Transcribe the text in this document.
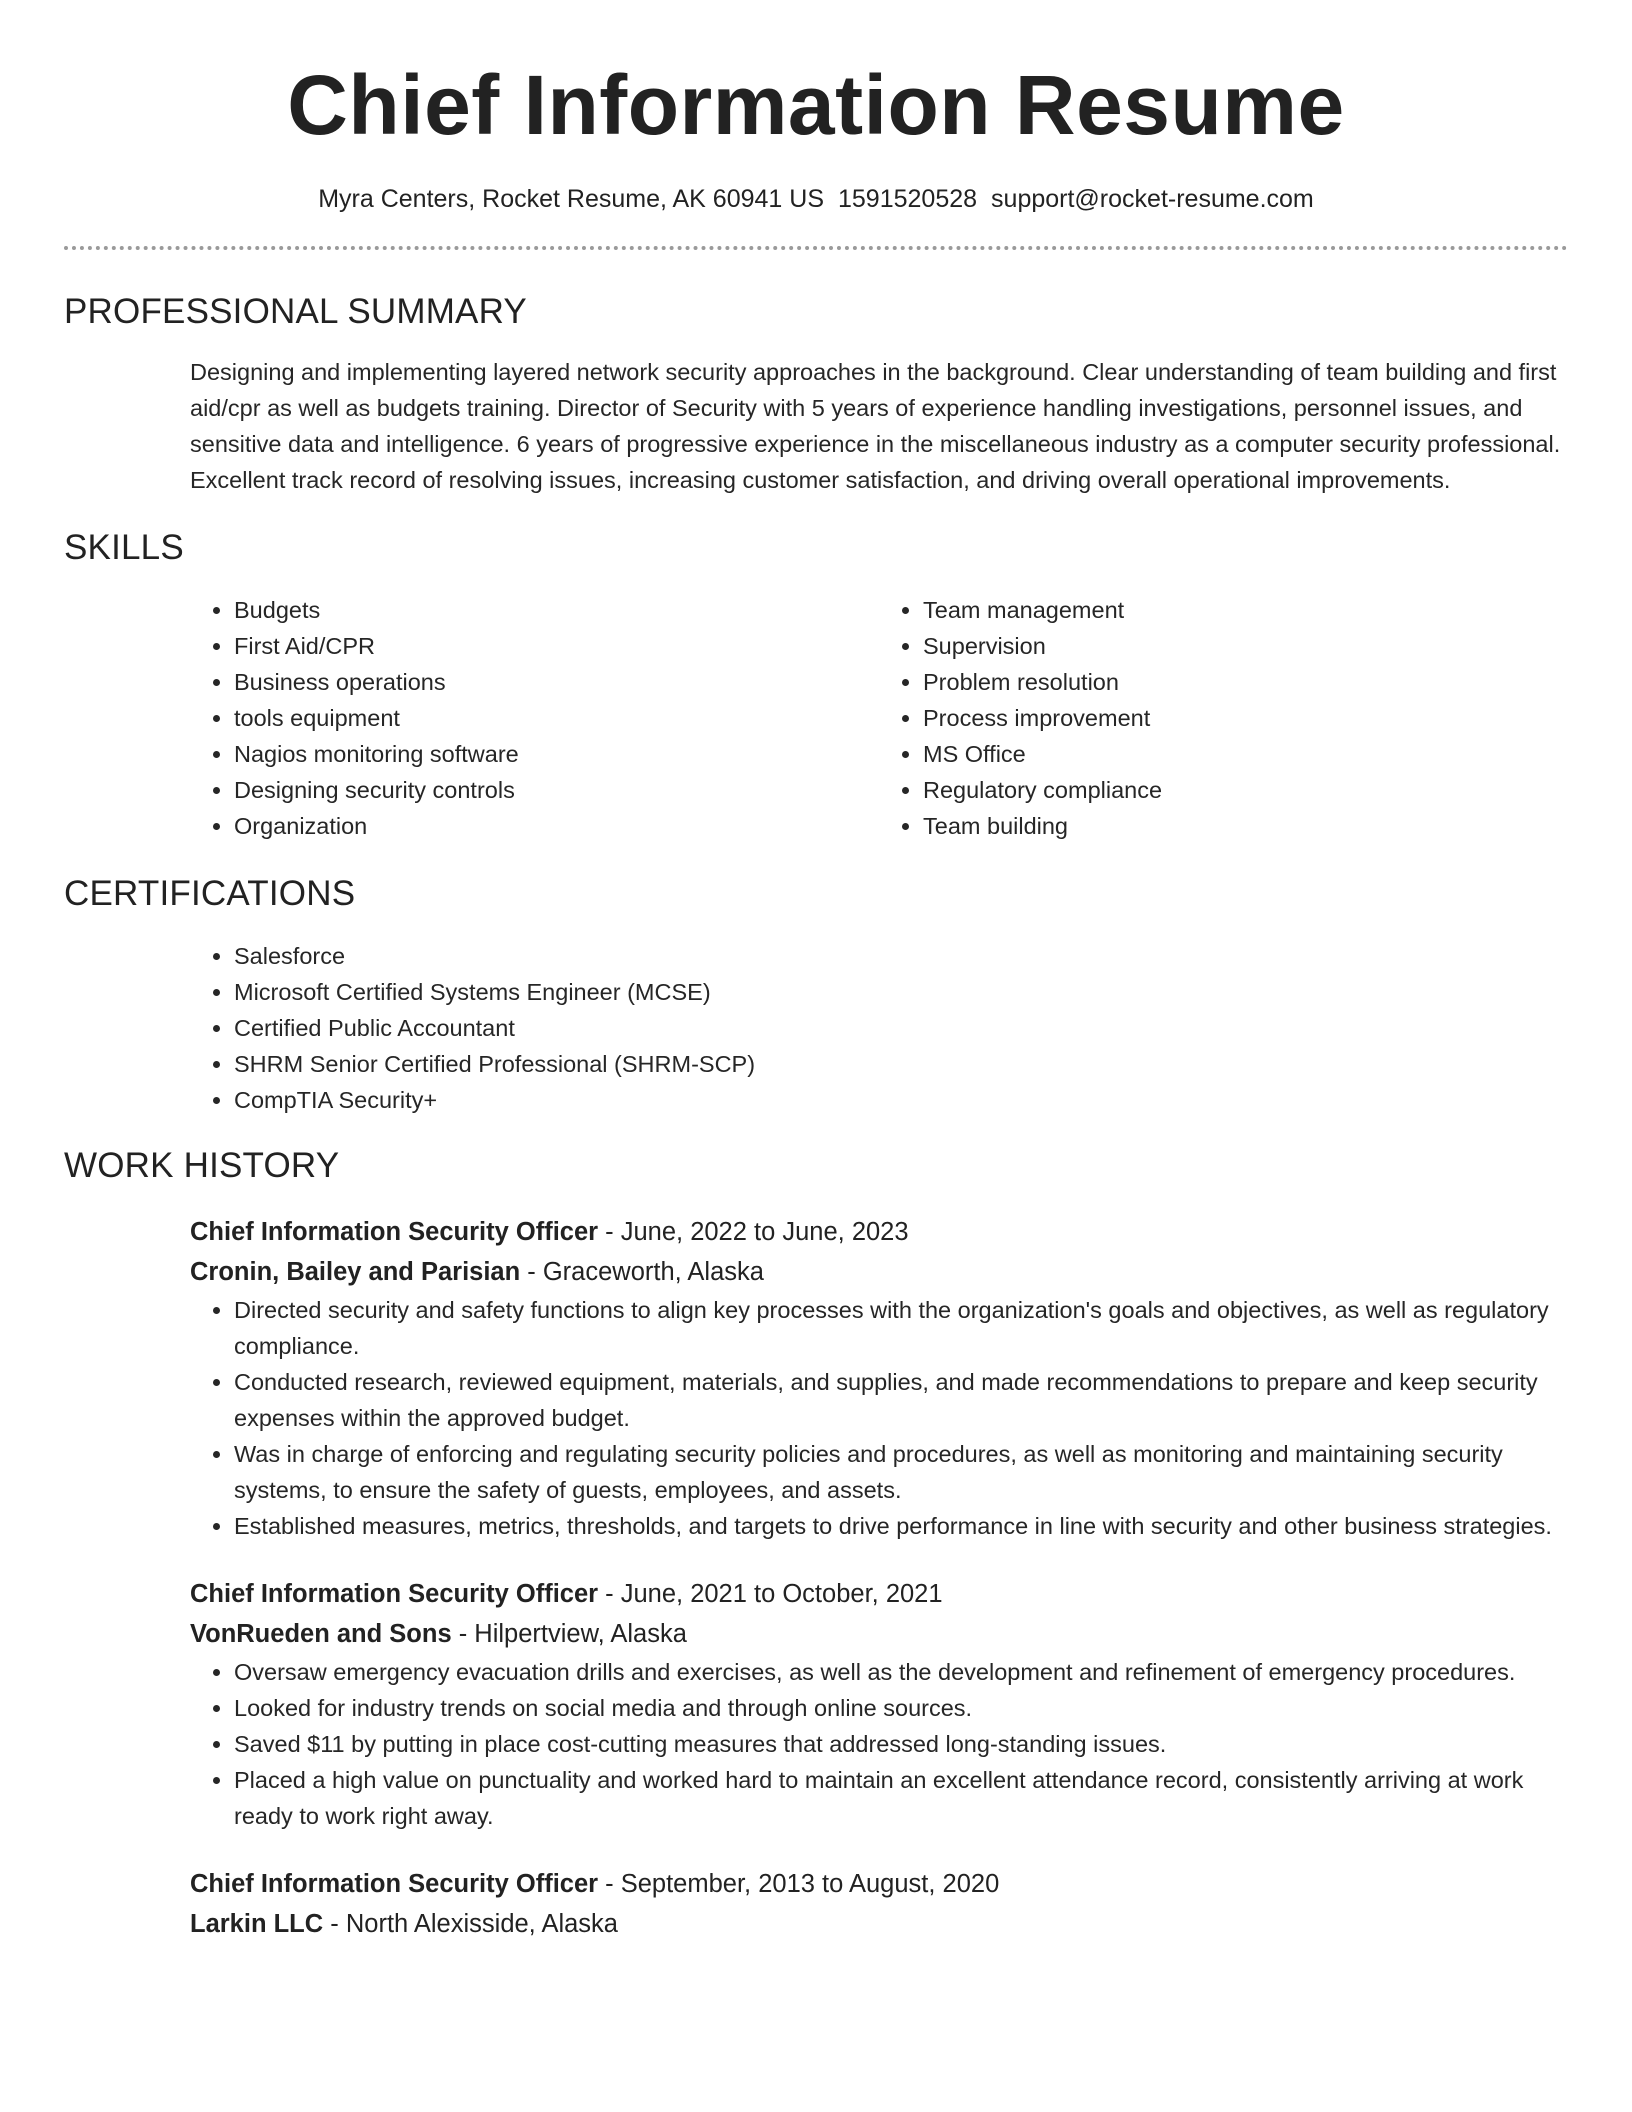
Chief Information Resume
Myra Centers, Rocket Resume, AK 60941 US 1591520528 support@rocket-resume.com
PROFESSIONAL SUMMARY
Designing and implementing layered network security approaches in the background. Clear understanding of team building and first aid/cpr as well as budgets training. Director of Security with 5 years of experience handling investigations, personnel issues, and sensitive data and intelligence. 6 years of progressive experience in the miscellaneous industry as a computer security professional. Excellent track record of resolving issues, increasing customer satisfaction, and driving overall operational improvements.
SKILLS
• Budgets
• First Aid/CPR
• Business operations
• tools equipment
• Nagios monitoring software
• Designing security controls
• Organization
• Team management
• Supervision
• Problem resolution
• Process improvement
• MS Office
• Regulatory compliance
• Team building
CERTIFICATIONS
• Salesforce
• Microsoft Certified Systems Engineer (MCSE)
• Certified Public Accountant
• SHRM Senior Certified Professional (SHRM-SCP)
• CompTIA Security+
WORK HISTORY
Chief Information Security Officer - June, 2022 to June, 2023
Cronin, Bailey and Parisian - Graceworth, Alaska
• Directed security and safety functions to align key processes with the organization's goals and objectives, as well as regulatory compliance.
• Conducted research, reviewed equipment, materials, and supplies, and made recommendations to prepare and keep security expenses within the approved budget.
• Was in charge of enforcing and regulating security policies and procedures, as well as monitoring and maintaining security systems, to ensure the safety of guests, employees, and assets.
• Established measures, metrics, thresholds, and targets to drive performance in line with security and other business strategies.
Chief Information Security Officer - June, 2021 to October, 2021
VonRueden and Sons - Hilpertview, Alaska
• Oversaw emergency evacuation drills and exercises, as well as the development and refinement of emergency procedures.
• Looked for industry trends on social media and through online sources.
• Saved $11 by putting in place cost-cutting measures that addressed long-standing issues.
• Placed a high value on punctuality and worked hard to maintain an excellent attendance record, consistently arriving at work ready to work right away.
Chief Information Security Officer - September, 2013 to August, 2020
Larkin LLC - North Alexisside, Alaska
